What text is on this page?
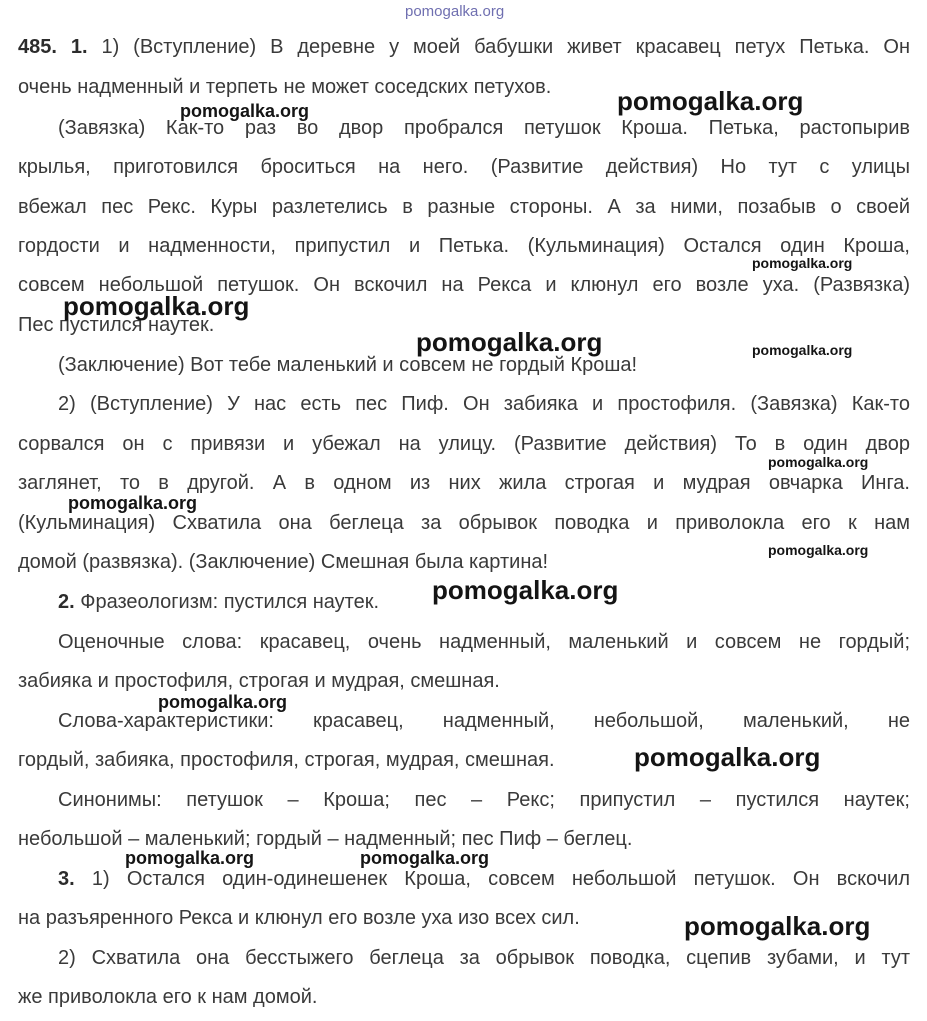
485. 1. 1) (Вступление) В деревне у моей бабушки живет красавец петух Петька. Он
очень надменный и терпеть не может соседских петухов.
(Завязка) Как-то раз во двор пробрался петушок Кроша. Петька, растопырив
крылья, приготовился броситься на него. (Развитие действия) Но тут с улицы
вбежал пес Рекс. Куры разлетелись в разные стороны. А за ними, позабыв о своей
гордости и надменности, припустил и Петька. (Кульминация) Остался один Кроша,
совсем небольшой петушок. Он вскочил на Рекса и клюнул его возле уха. (Развязка)
Пес пустился наутек.
(Заключение) Вот тебе маленький и совсем не гордый Кроша!
2) (Вступление) У нас есть пес Пиф. Он забияка и простофиля. (Завязка) Как-то
сорвался он с привязи и убежал на улицу. (Развитие действия) То в один двор
заглянет, то в другой. А в одном из них жила строгая и мудрая овчарка Инга.
(Кульминация) Схватила она беглеца за обрывок поводка и приволокла его к нам
домой (развязка). (Заключение) Смешная была картина!
2. Фразеологизм: пустился наутек.
Оценочные слова: красавец, очень надменный, маленький и совсем не гордый;
забияка и простофиля, строгая и мудрая, смешная.
Слова-характеристики: красавец, надменный, небольшой, маленький, не
гордый, забияка, простофиля, строгая, мудрая, смешная.
Синонимы: петушок – Кроша; пес – Рекс; припустил – пустился наутек;
небольшой – маленький; гордый – надменный; пес Пиф – беглец.
3. 1) Остался один-одинешенек Кроша, совсем небольшой петушок. Он вскочил
на разъяренного Рекса и клюнул его возле уха изо всех сил.
2) Схватила она бесстыжего беглеца за обрывок поводка, сцепив зубами, и тут
же приволокла его к нам домой.
pomogalka.org
pomogalka.org	pomogalka.org
pomogalka.org
pomogalka.org
pomogalka.org	pomogalka.org
pomogalka.org
pomogalka.org
pomogalka.org
pomogalka.org
pomogalka.org
pomogalka.org
pomogalka.org	pomogalka.org
pomogalka.org
